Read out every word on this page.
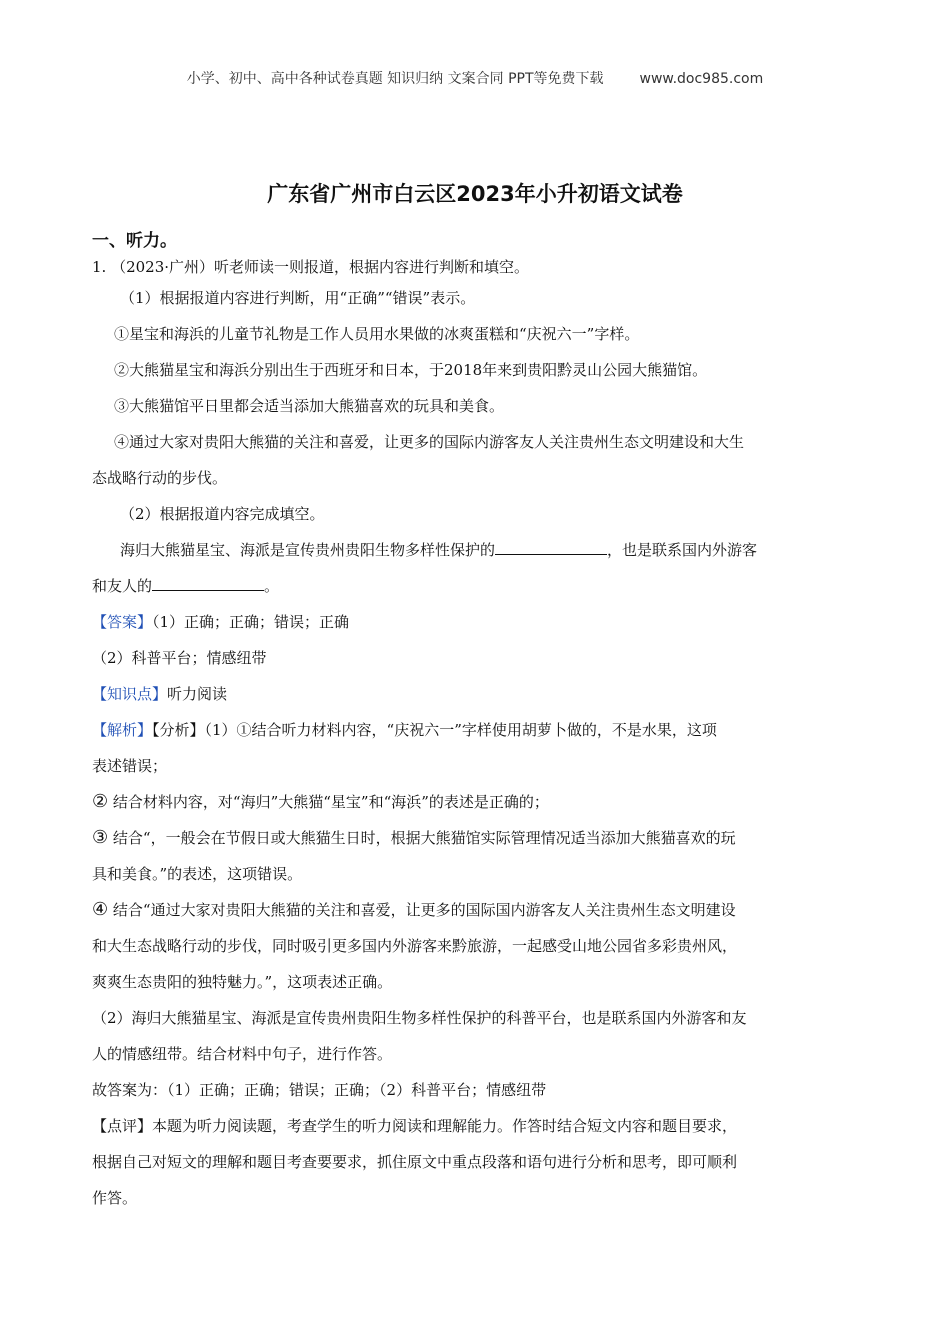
小学、初中、高中各种试卷真题 知识归纳 文案合同 PPT等免费下载	www.doc985.com
广东省广州市白云区2023年小升初语文试卷
一、听力。

1. （2023·广州）听老师读一则报道，根据内容进行判断和填空。

（1）根据报道内容进行判断，用“正确”“错误”表示。

①星宝和海浜的儿童节礼物是工作人员用水果做的冰爽蛋糕和“庆祝六一”字样。

②大熊猫星宝和海浜分别出生于西班牙和日本，于2018年来到贵阳黔灵山公园大熊猫馆。

③大熊猫馆平日里都会适当添加大熊猫喜欢的玩具和美食。

④通过大家对贵阳大熊猫的关注和喜爱，让更多的国际内游客友人关注贵州生态文明建设和大生

态战略行动的步伐。

（2）根据报道内容完成填空。

海归大熊猫星宝、海派是宣传贵州贵阳生物多样性保护的	，也是联系国内外游客

和友人的	。

【答案】（1）正确；正确；错误；正确

（2）科普平台；情感纽带

【知识点】听力阅读

【解析】【分析】（1）①结合听力材料内容，“庆祝六一”字样使用胡萝卜做的，不是水果，这项

表述错误；

② 结合材料内容，对“海归”大熊猫“星宝”和“海浜”的表述是正确的；

③ 结合“，一般会在节假日或大熊猫生日时，根据大熊猫馆实际管理情况适当添加大熊猫喜欢的玩

具和美食。”的表述，这项错误。

④ 结合“通过大家对贵阳大熊猫的关注和喜爱，让更多的国际国内游客友人关注贵州生态文明建设

和大生态战略行动的步伐，同时吸引更多国内外游客来黔旅游，一起感受山地公园省多彩贵州风，

爽爽生态贵阳的独特魅力。”，这项表述正确。

（2）海归大熊猫星宝、海派是宣传贵州贵阳生物多样性保护的科普平台，也是联系国内外游客和友

人的情感纽带。结合材料中句子，进行作答。

故答案为：（1）正确；正确；错误；正确；（2）科普平台；情感纽带

【点评】本题为听力阅读题，考查学生的听力阅读和理解能力。作答时结合短文内容和题目要求，

根据自己对短文的理解和题目考查要要求，抓住原文中重点段落和语句进行分析和思考，即可顺利

作答。
